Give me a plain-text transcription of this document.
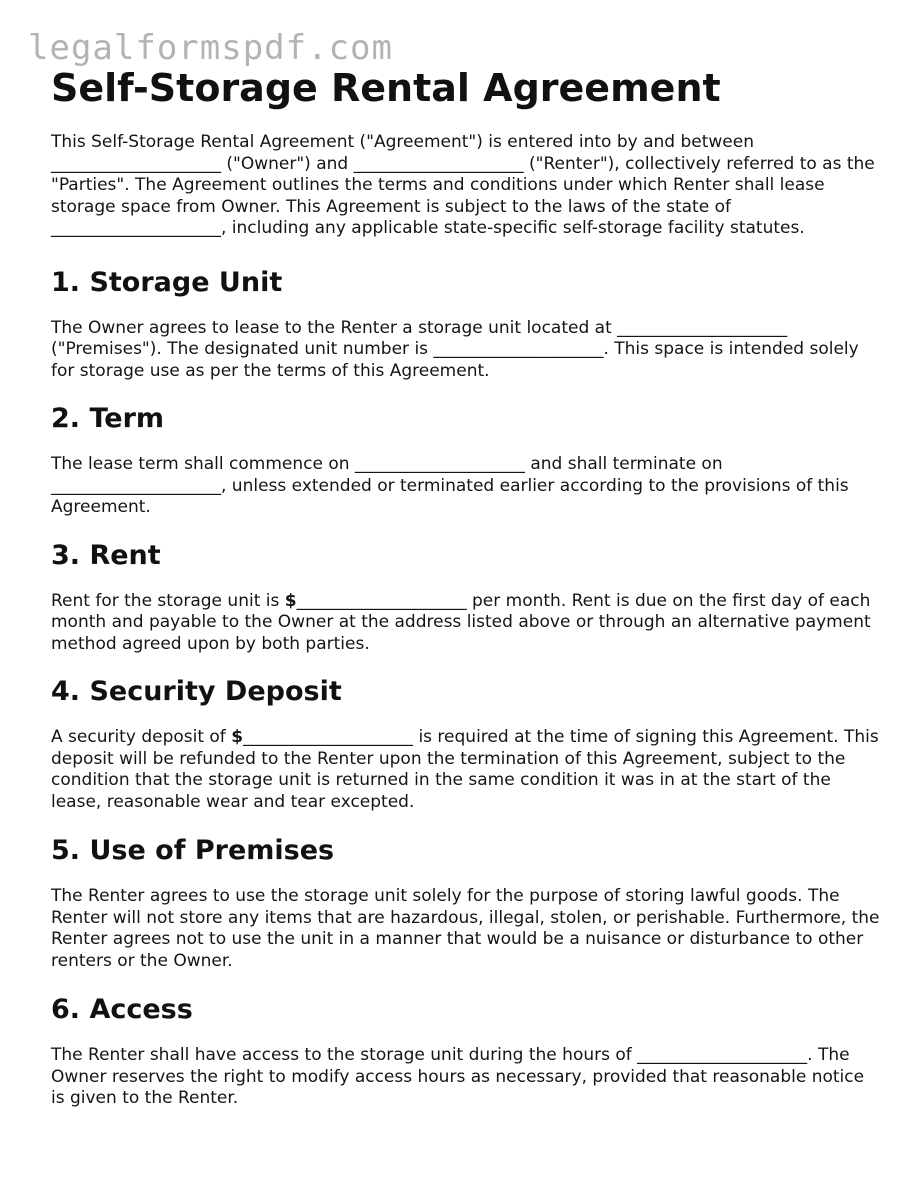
legalformspdf.com
Self-Storage Rental Agreement

This Self-Storage Rental Agreement ("Agreement") is entered into by and between
____________________ ("Owner") and ____________________ ("Renter"), collectively referred to as the "Parties". The Agreement outlines the terms and conditions under which Renter shall lease storage space from Owner. This Agreement is subject to the laws of the state of ____________________, including any applicable state-specific self-storage facility statutes.

1. Storage Unit

The Owner agrees to lease to the Renter a storage unit located at ____________________ ("Premises"). The designated unit number is ____________________. This space is intended solely for storage use as per the terms of this Agreement.

2. Term

The lease term shall commence on ____________________ and shall terminate on
____________________, unless extended or terminated earlier according to the provisions of this Agreement.

3. Rent

Rent for the storage unit is $____________________ per month. Rent is due on the first day of each month and payable to the Owner at the address listed above or through an alternative payment method agreed upon by both parties.

4. Security Deposit

A security deposit of $____________________ is required at the time of signing this Agreement. This deposit will be refunded to the Renter upon the termination of this Agreement, subject to the condition that the storage unit is returned in the same condition it was in at the start of the lease, reasonable wear and tear excepted.

5. Use of Premises

The Renter agrees to use the storage unit solely for the purpose of storing lawful goods. The Renter will not store any items that are hazardous, illegal, stolen, or perishable. Furthermore, the Renter agrees not to use the unit in a manner that would be a nuisance or disturbance to other renters or the Owner.

6. Access

The Renter shall have access to the storage unit during the hours of ____________________. The Owner reserves the right to modify access hours as necessary, provided that reasonable notice is given to the Renter.
